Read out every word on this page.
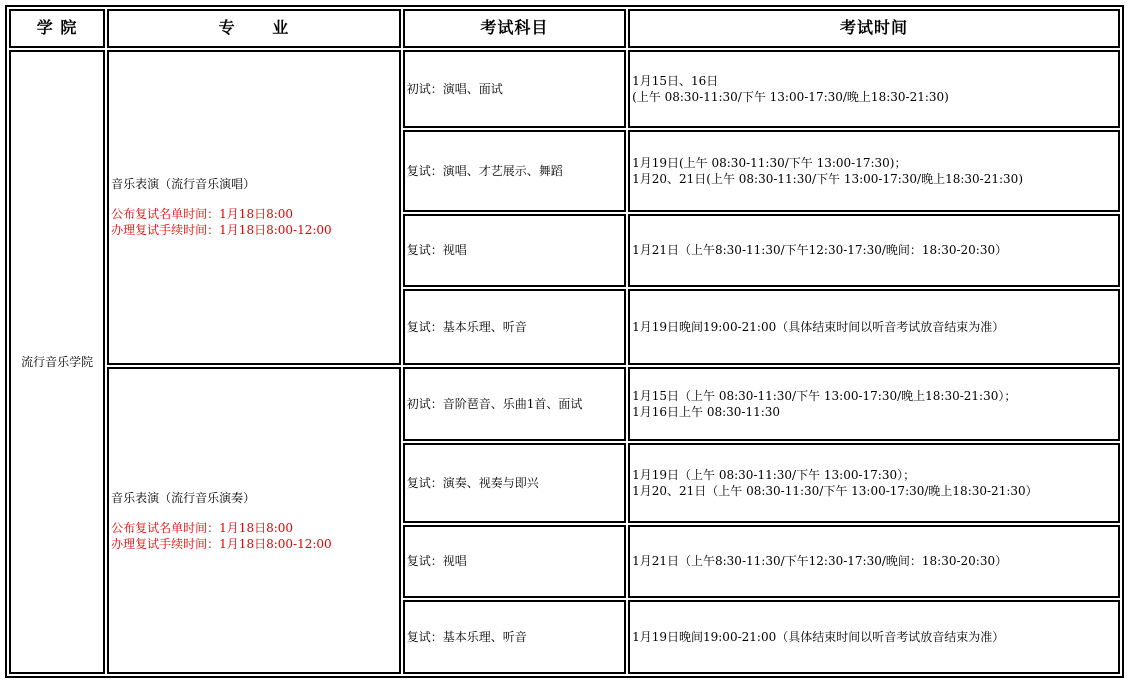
学 院	专 业	考试科目	考试时间
流行音乐学院	音乐表演（流行音乐演唱）
公布复试名单时间：1月18日8:00
办理复试手续时间：1月18日8:00-12:00	初试：演唱、面试	1月15日、16日
(上午 08:30-11:30/下午 13:00-17:30/晚上18:30-21:30)

		复试：演唱、才艺展示、舞蹈	1月19日(上午 08:30-11:30/下午 13:00-17:30)；
1月20、21日(上午 08:30-11:30/下午 13:00-17:30/晚上18:30-21:30)

		复试：视唱	1月21日（上午8:30-11:30/下午12:30-17:30/晚间：18:30-20:30）
		复试：基本乐理、听音	1月19日晚间19:00-21:00（具体结束时间以听音考试放音结束为准）

	音乐表演（流行音乐演奏）
公布复试名单时间：1月18日8:00
办理复试手续时间：1月18日8:00-12:00	初试：音阶琶音、乐曲1首、面试	1月15日（上午 08:30-11:30/下午 13:00-17:30/晚上18:30-21:30）；
1月16日上午 08:30-11:30

		复试：演奏、视奏与即兴	1月19日（上午 08:30-11:30/下午 13:00-17:30）；
1月20、21日（上午 08:30-11:30/下午 13:00-17:30/晚上18:30-21:30）

		复试：视唱	1月21日（上午8:30-11:30/下午12:30-17:30/晚间：18:30-20:30）
		复试：基本乐理、听音	1月19日晚间19:00-21:00（具体结束时间以听音考试放音结束为准）
